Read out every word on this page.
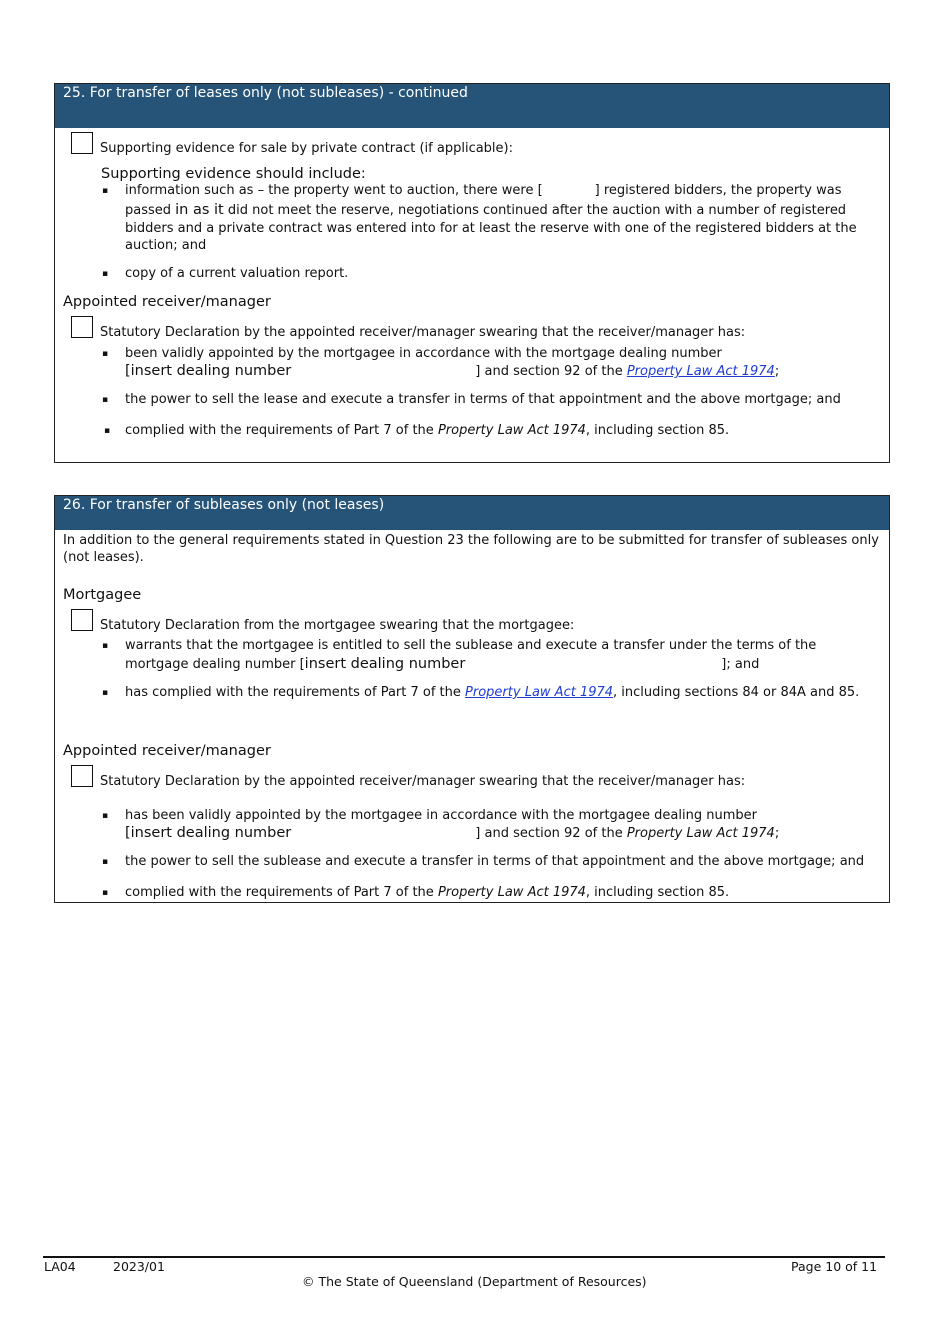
25. For transfer of leases only (not subleases) - continued
Supporting evidence for sale by private contract (if applicable):
Supporting evidence should include:
▪ information such as – the property went to auction, there were [	] registered bidders, the property was
passed in as it did not meet the reserve, negotiations continued after the auction with a number of registered
bidders and a private contract was entered into for at least the reserve with one of the registered bidders at the
auction; and
▪ copy of a current valuation report.
Appointed receiver/manager
Statutory Declaration by the appointed receiver/manager swearing that the receiver/manager has:
▪ been validly appointed by the mortgagee in accordance with the mortgage dealing number
[insert dealing number	] and section 92 of the Property Law Act 1974;
▪ the power to sell the lease and execute a transfer in terms of that appointment and the above mortgage; and
▪ complied with the requirements of Part 7 of the Property Law Act 1974, including section 85.
26. For transfer of subleases only (not leases)
In addition to the general requirements stated in Question 23 the following are to be submitted for transfer of subleases only
(not leases).
Mortgagee
Statutory Declaration from the mortgagee swearing that the mortgagee:
▪ warrants that the mortgagee is entitled to sell the sublease and execute a transfer under the terms of the
mortgage dealing number [insert dealing number	]; and
▪ has complied with the requirements of Part 7 of the Property Law Act 1974, including sections 84 or 84A and 85.
Appointed receiver/manager
Statutory Declaration by the appointed receiver/manager swearing that the receiver/manager has:
▪ has been validly appointed by the mortgagee in accordance with the mortgagee dealing number
[insert dealing number	] and section 92 of the Property Law Act 1974;
▪ the power to sell the sublease and execute a transfer in terms of that appointment and the above mortgage; and
▪ complied with the requirements of Part 7 of the Property Law Act 1974, including section 85.
LA04	2023/01	Page 10 of 11
© The State of Queensland (Department of Resources)
